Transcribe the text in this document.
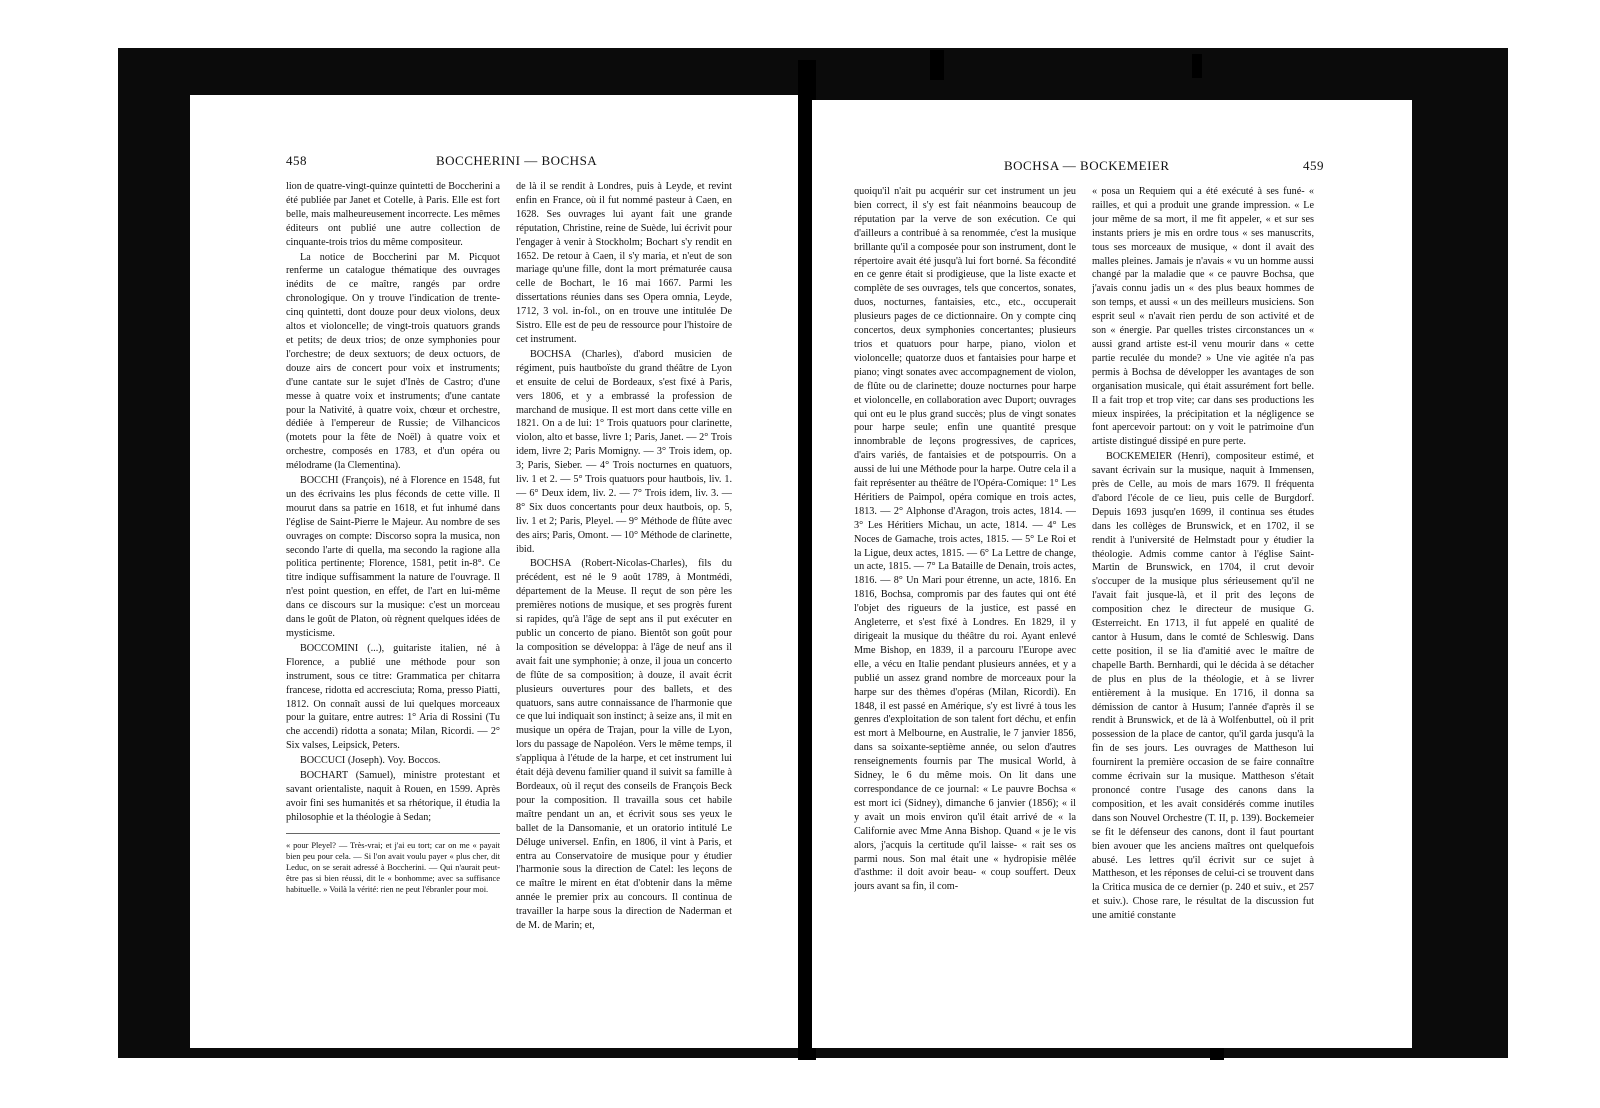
458	BOCCHERINI — BOCHSA

lion de quatre-vingt-quinze quintetti de Boccherini a été publiée par Janet et Cotelle, à Paris. Elle est fort belle, mais malheureusement incorrecte. Les mêmes éditeurs ont publié une autre collection de cinquante-trois trios du même compositeur.

La notice de Boccherini par M. Picquot renferme un catalogue thématique des ouvrages inédits de ce maître, rangés par ordre chronologique. On y trouve l'indication de trente-cinq quintetti, dont douze pour deux violons, deux altos et violoncelle; de vingt-trois quatuors grands et petits; de deux trios; de onze symphonies pour l'orchestre; de deux sextuors; de deux octuors, de douze airs de concert pour voix et instruments; d'une cantate sur le sujet d'Inès de Castro; d'une messe à quatre voix et instruments; d'une cantate pour la Nativité, à quatre voix, chœur et orchestre, dédiée à l'empereur de Russie; de Vilhancicos (motets pour la fête de Noël) à quatre voix et orchestre, composés en 1783, et d'un opéra ou mélodrame (la Clementina).

BOCCHI (François), né à Florence en 1548, fut un des écrivains les plus féconds de cette ville. Il mourut dans sa patrie en 1618, et fut inhumé dans l'église de Saint-Pierre le Majeur. Au nombre de ses ouvrages on compte: Discorso sopra la musica, non secondo l'arte di quella, ma secondo la ragione alla politica pertinente; Florence, 1581, petit in-8°. Ce titre indique suffisamment la nature de l'ouvrage. Il n'est point question, en effet, de l'art en lui-même dans ce discours sur la musique: c'est un morceau dans le goût de Platon, où règnent quelques idées de mysticisme.

BOCCOMINI (...), guitariste italien, né à Florence, a publié une méthode pour son instrument, sous ce titre: Grammatica per chitarra francese, ridotta ed accresciuta; Roma, presso Piatti, 1812. On connaît aussi de lui quelques morceaux pour la guitare, entre autres: 1° Aria di Rossini (Tu che accendi) ridotta a sonata; Milan, Ricordi. — 2° Six valses, Leipsick, Peters.

BOCCUCI (Joseph). Voy. Boccos.

BOCHART (Samuel), ministre protestant et savant orientaliste, naquit à Rouen, en 1599. Après avoir fini ses humanités et sa rhétorique, il étudia la philosophie et la théologie à Sedan;

« pour Pleyel? — Très-vrai; et j'ai eu tort; car on me « payait bien peu pour cela. — Si l'on avait voulu payer « plus cher, dit Leduc, on se serait adressé à Boccherini. — Qui n'aurait peut-être pas si bien réussi, dit le « bonhomme; avec sa suffisance habituelle. » Voilà la vérité: rien ne peut l'ébranler pour moi.

de là il se rendit à Londres, puis à Leyde, et revint enfin en France, où il fut nommé pasteur à Caen, en 1628. Ses ouvrages lui ayant fait une grande réputation, Christine, reine de Suède, lui écrivit pour l'engager à venir à Stockholm; Bochart s'y rendit en 1652. De retour à Caen, il s'y maria, et n'eut de son mariage qu'une fille, dont la mort prématurée causa celle de Bochart, le 16 mai 1667. Parmi les dissertations réunies dans ses Opera omnia, Leyde, 1712, 3 vol. in-fol., on en trouve une intitulée De Sistro. Elle est de peu de ressource pour l'histoire de cet instrument.

BOCHSA (Charles), d'abord musicien de régiment, puis hautboïste du grand théâtre de Lyon et ensuite de celui de Bordeaux, s'est fixé à Paris, vers 1806, et y a embrassé la profession de marchand de musique. Il est mort dans cette ville en 1821. On a de lui: 1° Trois quatuors pour clarinette, violon, alto et basse, livre 1; Paris, Janet. — 2° Trois idem, livre 2; Paris Momigny. — 3° Trois idem, op. 3; Paris, Sieber. — 4° Trois nocturnes en quatuors, liv. 1 et 2. — 5° Trois quatuors pour hautbois, liv. 1. — 6° Deux idem, liv. 2. — 7° Trois idem, liv. 3. — 8° Six duos concertants pour deux hautbois, op. 5, liv. 1 et 2; Paris, Pleyel. — 9° Méthode de flûte avec des airs; Paris, Omont. — 10° Méthode de clarinette, ibid.

BOCHSA (Robert-Nicolas-Charles), fils du précédent, est né le 9 août 1789, à Montmédi, département de la Meuse. Il reçut de son père les premières notions de musique, et ses progrès furent si rapides, qu'à l'âge de sept ans il put exécuter en public un concerto de piano. Bientôt son goût pour la composition se développa: à l'âge de neuf ans il avait fait une symphonie; à onze, il joua un concerto de flûte de sa composition; à douze, il avait écrit plusieurs ouvertures pour des ballets, et des quatuors, sans autre connaissance de l'harmonie que ce que lui indiquait son instinct; à seize ans, il mit en musique un opéra de Trajan, pour la ville de Lyon, lors du passage de Napoléon. Vers le même temps, il s'appliqua à l'étude de la harpe, et cet instrument lui était déjà devenu familier quand il suivit sa famille à Bordeaux, où il reçut des conseils de François Beck pour la composition. Il travailla sous cet habile maître pendant un an, et écrivit sous ses yeux le ballet de la Dansomanie, et un oratorio intitulé Le Déluge universel. Enfin, en 1806, il vint à Paris, et entra au Conservatoire de musique pour y étudier l'harmonie sous la direction de Catel: les leçons de ce maître le mirent en état d'obtenir dans la même année le premier prix au concours. Il continua de travailler la harpe sous la direction de Naderman et de M. de Marin; et,

BOCHSA — BOCKEMEIER	459

quoiqu'il n'ait pu acquérir sur cet instrument un jeu bien correct, il s'y est fait néanmoins beaucoup de réputation par la verve de son exécution. Ce qui d'ailleurs a contribué à sa renommée, c'est la musique brillante qu'il a composée pour son instrument, dont le répertoire avait été jusqu'à lui fort borné. Sa fécondité en ce genre était si prodigieuse, que la liste exacte et complète de ses ouvrages, tels que concertos, sonates, duos, nocturnes, fantaisies, etc., etc., occuperait plusieurs pages de ce dictionnaire. On y compte cinq concertos, deux symphonies concertantes; plusieurs trios et quatuors pour harpe, piano, violon et violoncelle; quatorze duos et fantaisies pour harpe et piano; vingt sonates avec accompagnement de violon, de flûte ou de clarinette; douze nocturnes pour harpe et violoncelle, en collaboration avec Duport; ouvrages qui ont eu le plus grand succès; plus de vingt sonates pour harpe seule; enfin une quantité presque innombrable de leçons progressives, de caprices, d'airs variés, de fantaisies et de potspourris. On a aussi de lui une Méthode pour la harpe. Outre cela il a fait représenter au théâtre de l'Opéra-Comique: 1° Les Héritiers de Paimpol, opéra comique en trois actes, 1813. — 2° Alphonse d'Aragon, trois actes, 1814. — 3° Les Héritiers Michau, un acte, 1814. — 4° Les Noces de Gamache, trois actes, 1815. — 5° Le Roi et la Ligue, deux actes, 1815. — 6° La Lettre de change, un acte, 1815. — 7° La Bataille de Denain, trois actes, 1816. — 8° Un Mari pour étrenne, un acte, 1816. En 1816, Bochsa, compromis par des fautes qui ont été l'objet des rigueurs de la justice, est passé en Angleterre, et s'est fixé à Londres. En 1829, il y dirigeait la musique du théâtre du roi. Ayant enlevé Mme Bishop, en 1839, il a parcouru l'Europe avec elle, a vécu en Italie pendant plusieurs années, et y a publié un assez grand nombre de morceaux pour la harpe sur des thèmes d'opéras (Milan, Ricordi). En 1848, il est passé en Amérique, s'y est livré à tous les genres d'exploitation de son talent fort déchu, et enfin est mort à Melbourne, en Australie, le 7 janvier 1856, dans sa soixante-septième année, ou selon d'autres renseignements fournis par The musical World, à Sidney, le 6 du même mois. On lit dans une correspondance de ce journal: « Le pauvre Bochsa « est mort ici (Sidney), dimanche 6 janvier (1856); « il y avait un mois environ qu'il était arrivé de « la Californie avec Mme Anna Bishop. Quand « je le vis alors, j'acquis la certitude qu'il laisse- « rait ses os parmi nous. Son mal était une « hydropisie mêlée d'asthme: il doit avoir beau- « coup souffert. Deux jours avant sa fin, il com-

« posa un Requiem qui a été exécuté à ses funé- « railles, et qui a produit une grande impression. « Le jour même de sa mort, il me fit appeler, « et sur ses instants priers je mis en ordre tous « ses manuscrits, tous ses morceaux de musique, « dont il avait des malles pleines. Jamais je n'avais « vu un homme aussi changé par la maladie que « ce pauvre Bochsa, que j'avais connu jadis un « des plus beaux hommes de son temps, et aussi « un des meilleurs musiciens. Son esprit seul « n'avait rien perdu de son activité et de son « énergie. Par quelles tristes circonstances un « aussi grand artiste est-il venu mourir dans « cette partie reculée du monde? » Une vie agitée n'a pas permis à Bochsa de développer les avantages de son organisation musicale, qui était assurément fort belle. Il a fait trop et trop vite; car dans ses productions les mieux inspirées, la précipitation et la négligence se font apercevoir partout: on y voit le patrimoine d'un artiste distingué dissipé en pure perte.

BOCKEMEIER (Henri), compositeur estimé, et savant écrivain sur la musique, naquit à Immensen, près de Celle, au mois de mars 1679. Il fréquenta d'abord l'école de ce lieu, puis celle de Burgdorf. Depuis 1693 jusqu'en 1699, il continua ses études dans les collèges de Brunswick, et en 1702, il se rendit à l'université de Helmstadt pour y étudier la théologie. Admis comme cantor à l'église Saint-Martin de Brunswick, en 1704, il crut devoir s'occuper de la musique plus sérieusement qu'il ne l'avait fait jusque-là, et il prit des leçons de composition chez le directeur de musique G. Œsterreicht. En 1713, il fut appelé en qualité de cantor à Husum, dans le comté de Schleswig. Dans cette position, il se lia d'amitié avec le maître de chapelle Barth. Bernhardi, qui le décida à se détacher de plus en plus de la théologie, et à se livrer entièrement à la musique. En 1716, il donna sa démission de cantor à Husum; l'année d'après il se rendit à Brunswick, et de là à Wolfenbuttel, où il prit possession de la place de cantor, qu'il garda jusqu'à la fin de ses jours. Les ouvrages de Mattheson lui fournirent la première occasion de se faire connaître comme écrivain sur la musique. Mattheson s'était prononcé contre l'usage des canons dans la composition, et les avait considérés comme inutiles dans son Nouvel Orchestre (T. II, p. 139). Bockemeier se fit le défenseur des canons, dont il faut pourtant bien avouer que les anciens maîtres ont quelquefois abusé. Les lettres qu'il écrivit sur ce sujet à Mattheson, et les réponses de celui-ci se trouvent dans la Critica musica de ce dernier (p. 240 et suiv., et 257 et suiv.). Chose rare, le résultat de la discussion fut une amitié constante
